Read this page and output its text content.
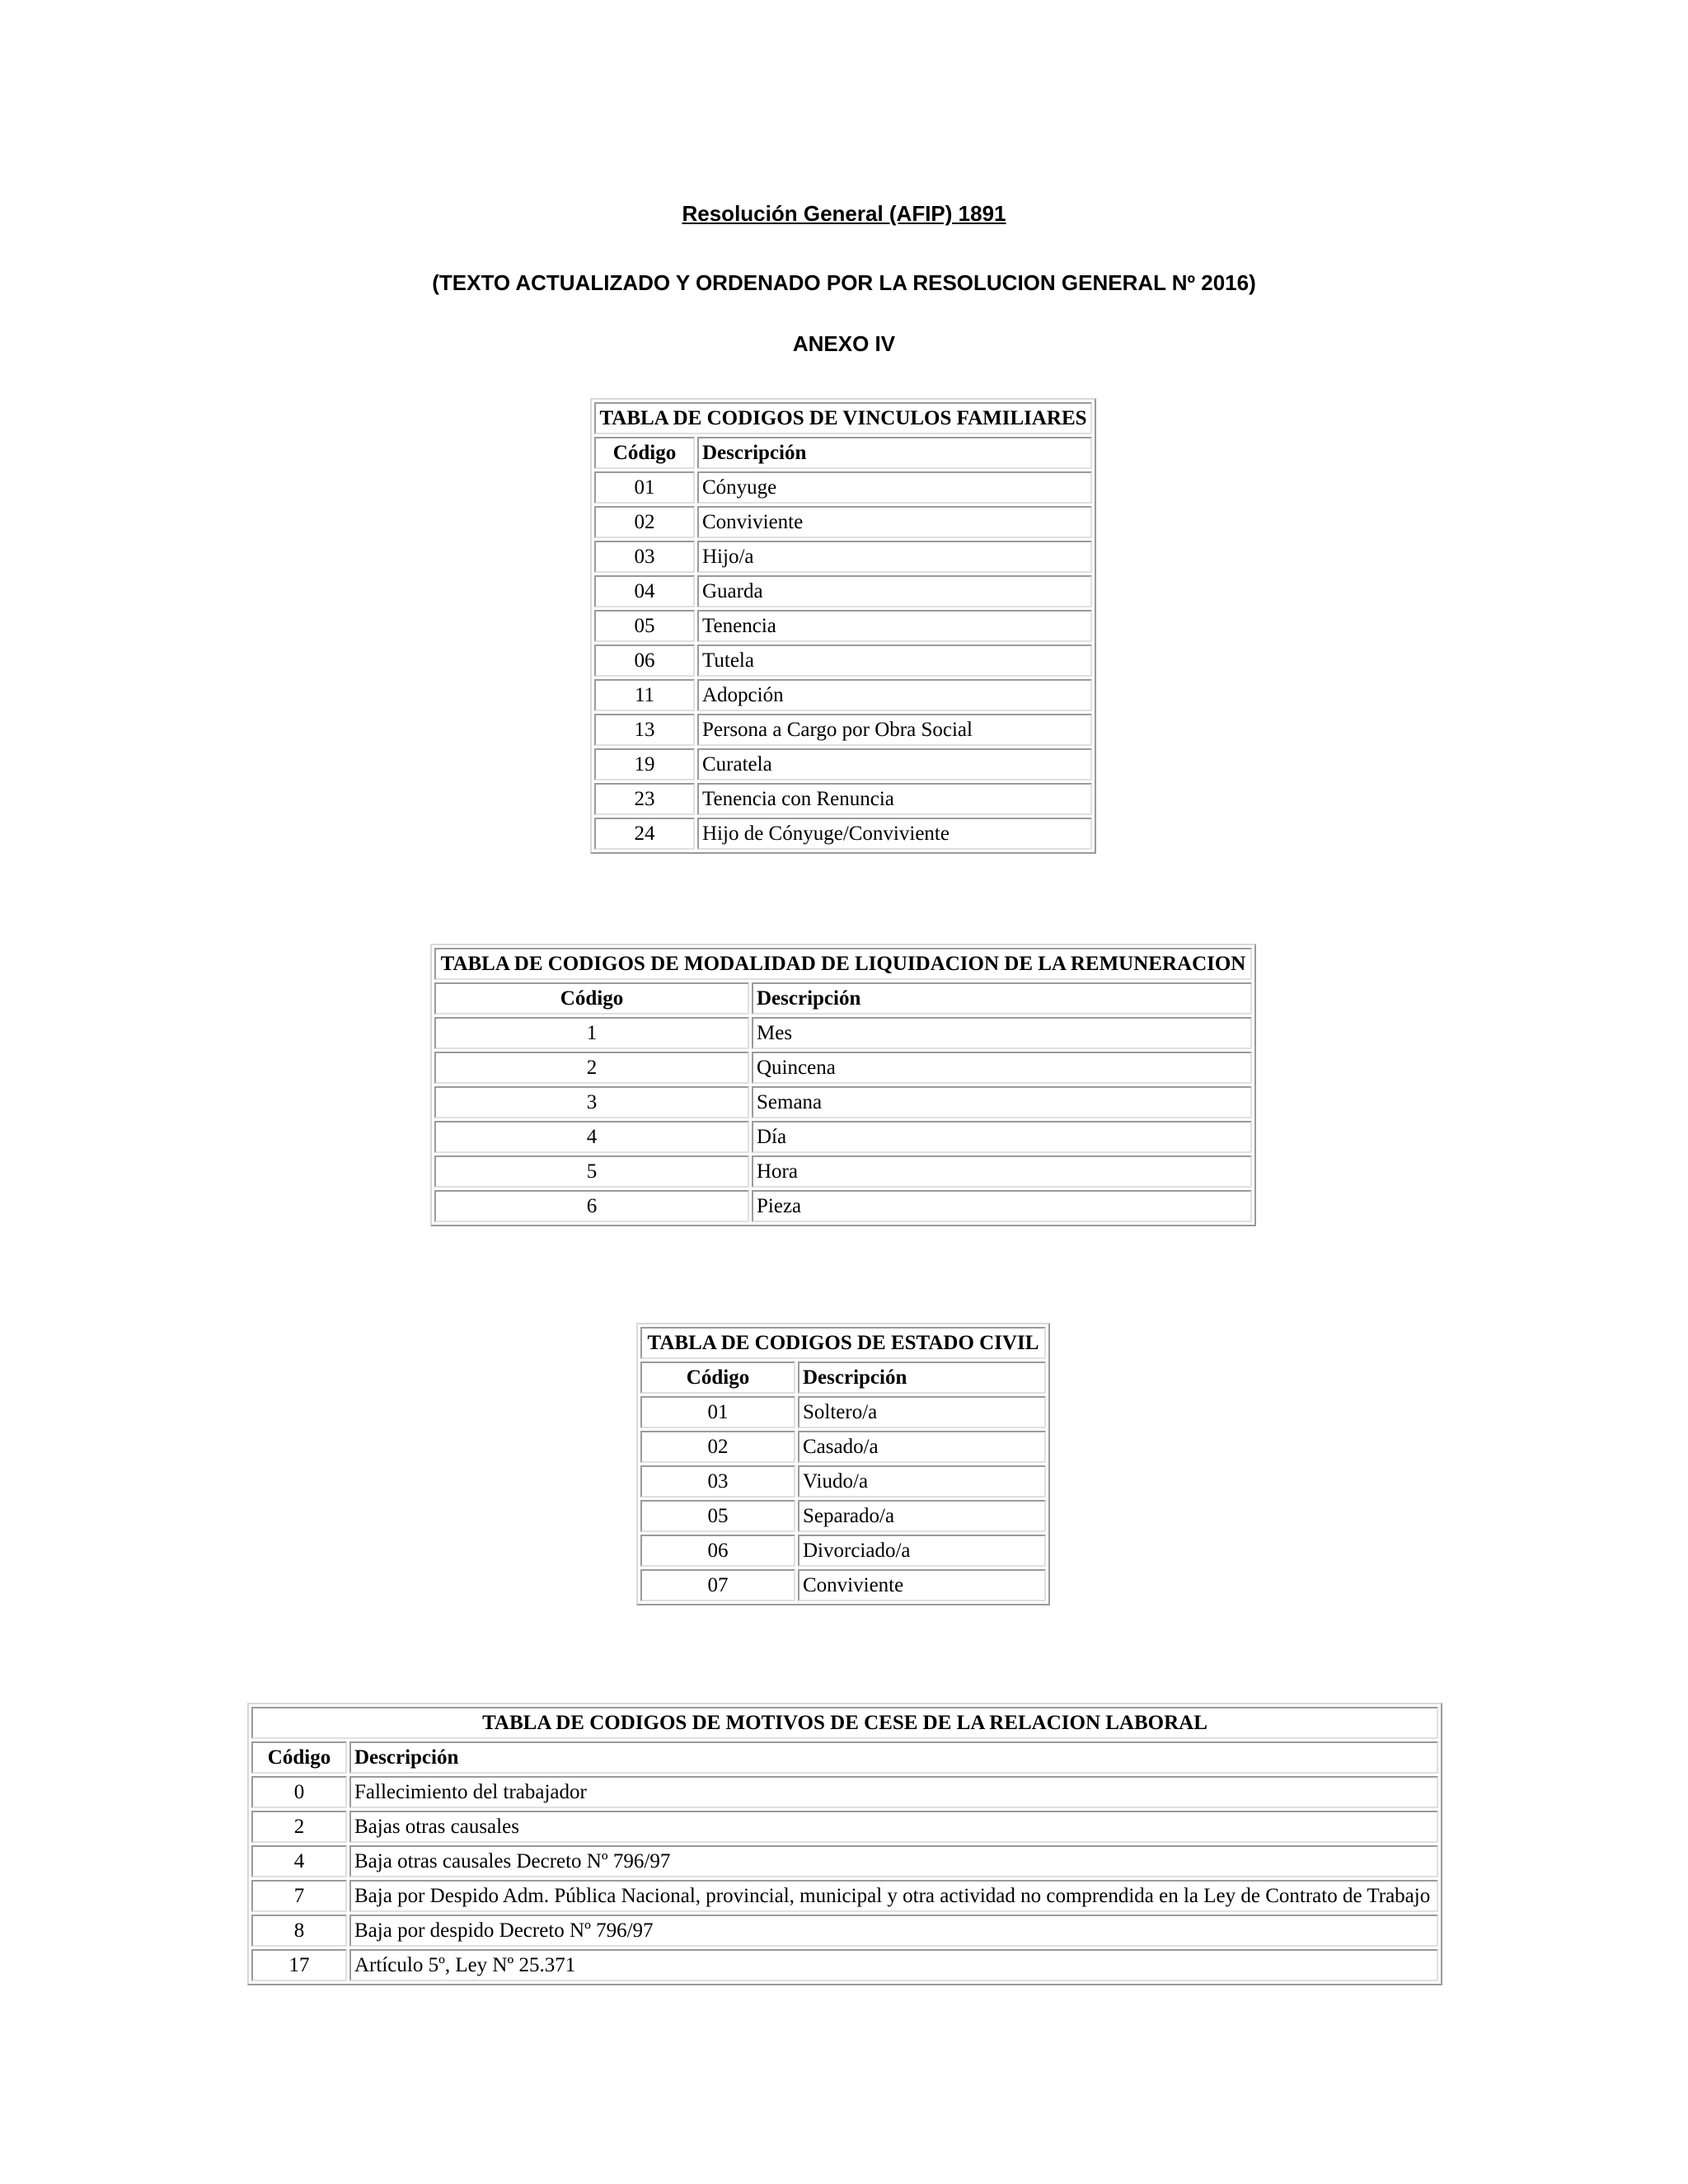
Resolución General (AFIP) 1891
(TEXTO ACTUALIZADO Y ORDENADO POR LA RESOLUCION GENERAL Nº 2016)
ANEXO IV
TABLA DE CODIGOS DE VINCULOS FAMILIARES	
Código	Descripción
01	Cónyuge
02	Conviviente
03	Hijo/a
04	Guarda
05	Tenencia
06	Tutela
11	Adopción
13	Persona a Cargo por Obra Social
19	Curatela
23	Tenencia con Renuncia
24	Hijo de Cónyuge/Conviviente
TABLA DE CODIGOS DE MODALIDAD DE LIQUIDACION DE LA REMUNERACION	
Código	Descripción
1	Mes
2	Quincena
3	Semana
4	Día
5	Hora
6	Pieza
TABLA DE CODIGOS DE ESTADO CIVIL	
Código	Descripción
01	Soltero/a
02	Casado/a
03	Viudo/a
05	Separado/a
06	Divorciado/a
07	Conviviente
TABLA DE CODIGOS DE MOTIVOS DE CESE DE LA RELACION LABORAL	
Código	Descripción
0	Fallecimiento del trabajador
2	Bajas otras causales
4	Baja otras causales Decreto Nº 796/97
7	Baja por Despido Adm. Pública Nacional, provincial, municipal y otra actividad no comprendida en la Ley de Contrato de Trabajo
8	Baja por despido Decreto Nº 796/97
17	Artículo 5º, Ley Nº 25.371
